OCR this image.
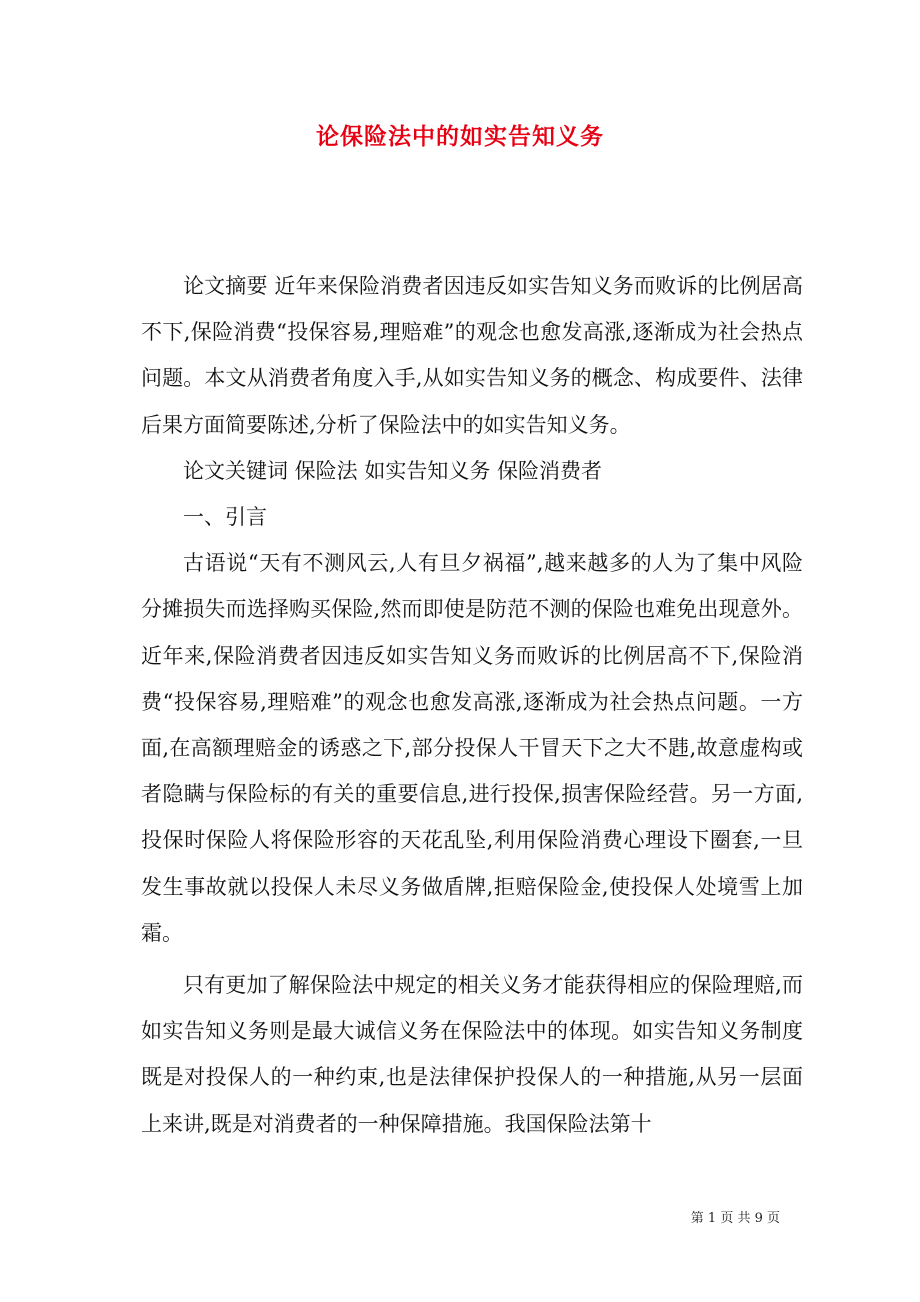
论保险法中的如实告知义务

论文摘要 近年来保险消费者因违反如实告知义务而败诉的比例居高不下,保险消费“投保容易,理赔难”的观念也愈发高涨,逐渐成为社会热点问题。本文从消费者角度入手,从如实告知义务的概念、构成要件、法律后果方面简要陈述,分析了保险法中的如实告知义务。

论文关键词 保险法 如实告知义务 保险消费者

一、引言

古语说“天有不测风云,人有旦夕祸福”,越来越多的人为了集中风险分摊损失而选择购买保险,然而即使是防范不测的保险也难免出现意外。近年来,保险消费者因违反如实告知义务而败诉的比例居高不下,保险消费“投保容易,理赔难”的观念也愈发高涨,逐渐成为社会热点问题。一方面,在高额理赔金的诱惑之下,部分投保人干冒天下之大不韪,故意虚构或者隐瞒与保险标的有关的重要信息,进行投保,损害保险经营。另一方面,投保时保险人将保险形容的天花乱坠,利用保险消费心理设下圈套,一旦发生事故就以投保人未尽义务做盾牌,拒赔保险金,使投保人处境雪上加霜。

只有更加了解保险法中规定的相关义务才能获得相应的保险理赔,而如实告知义务则是最大诚信义务在保险法中的体现。如实告知义务制度既是对投保人的一种约束,也是法律保护投保人的一种措施,从另一层面上来讲,既是对消费者的一种保障措施。我国保险法第十

第 1 页 共 9 页
